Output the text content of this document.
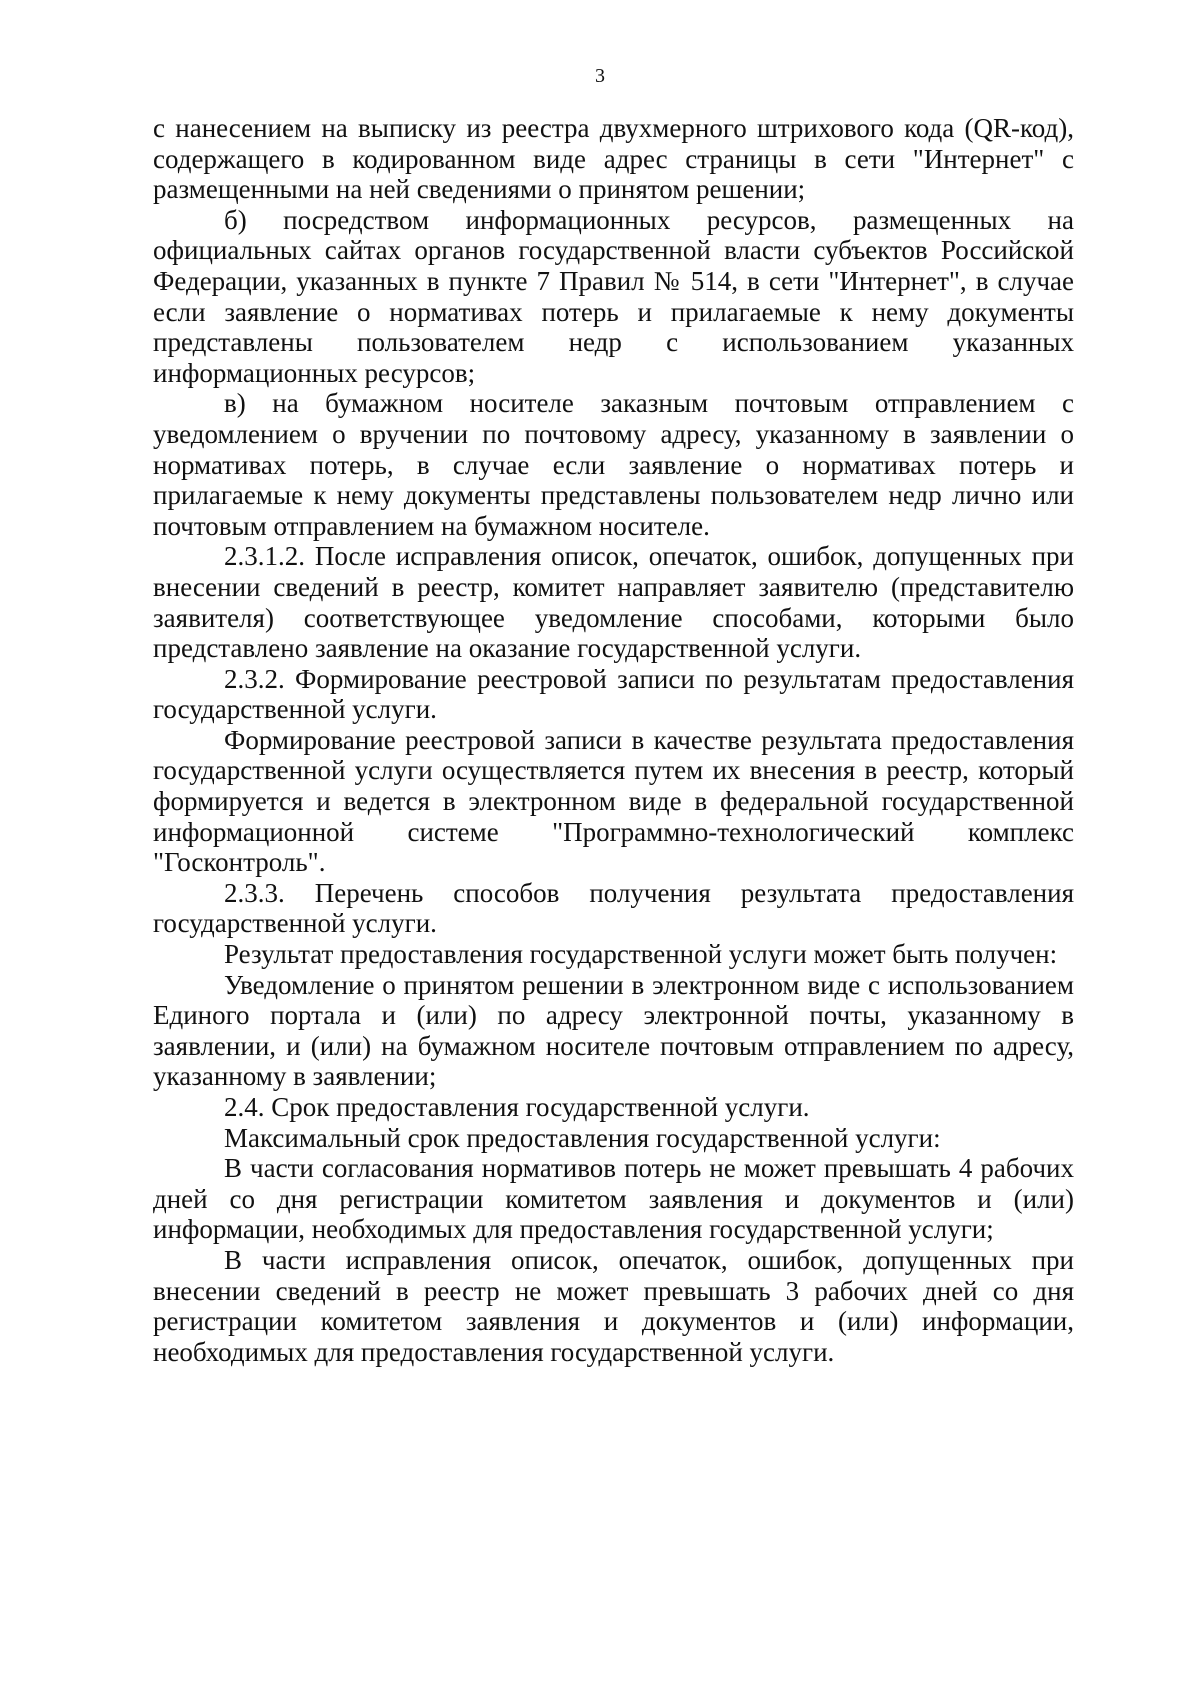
3

с нанесением на выписку из реестра двухмерного штрихового кода (QR-код), содержащего в кодированном виде адрес страницы в сети "Интернет" с размещенными на ней сведениями о принятом решении;

б) посредством информационных ресурсов, размещенных на официальных сайтах органов государственной власти субъектов Российской Федерации, указанных в пункте 7 Правил № 514, в сети "Интернет", в случае если заявление о нормативах потерь и прилагаемые к нему документы представлены пользователем недр с использованием указанных информационных ресурсов;

в) на бумажном носителе заказным почтовым отправлением с уведомлением о вручении по почтовому адресу, указанному в заявлении о нормативах потерь, в случае если заявление о нормативах потерь и прилагаемые к нему документы представлены пользователем недр лично или почтовым отправлением на бумажном носителе.

2.3.1.2. После исправления описок, опечаток, ошибок, допущенных при внесении сведений в реестр, комитет направляет заявителю (представителю заявителя) соответствующее уведомление способами, которыми было представлено заявление на оказание государственной услуги.

2.3.2. Формирование реестровой записи по результатам предоставления государственной услуги.

Формирование реестровой записи в качестве результата предоставления государственной услуги осуществляется путем их внесения в реестр, который формируется и ведется в электронном виде в федеральной государственной информационной системе "Программно-технологический комплекс "Госконтроль".

2.3.3. Перечень способов получения результата предоставления государственной услуги.

Результат предоставления государственной услуги может быть получен:

Уведомление о принятом решении в электронном виде с использованием Единого портала и (или) по адресу электронной почты, указанному в заявлении, и (или) на бумажном носителе почтовым отправлением по адресу, указанному в заявлении;

2.4. Срок предоставления государственной услуги.

Максимальный срок предоставления государственной услуги:

В части согласования нормативов потерь не может превышать 4 рабочих дней со дня регистрации комитетом заявления и документов и (или) информации, необходимых для предоставления государственной услуги;

В части исправления описок, опечаток, ошибок, допущенных при внесении сведений в реестр не может превышать 3 рабочих дней со дня регистрации комитетом заявления и документов и (или) информации, необходимых для предоставления государственной услуги.
